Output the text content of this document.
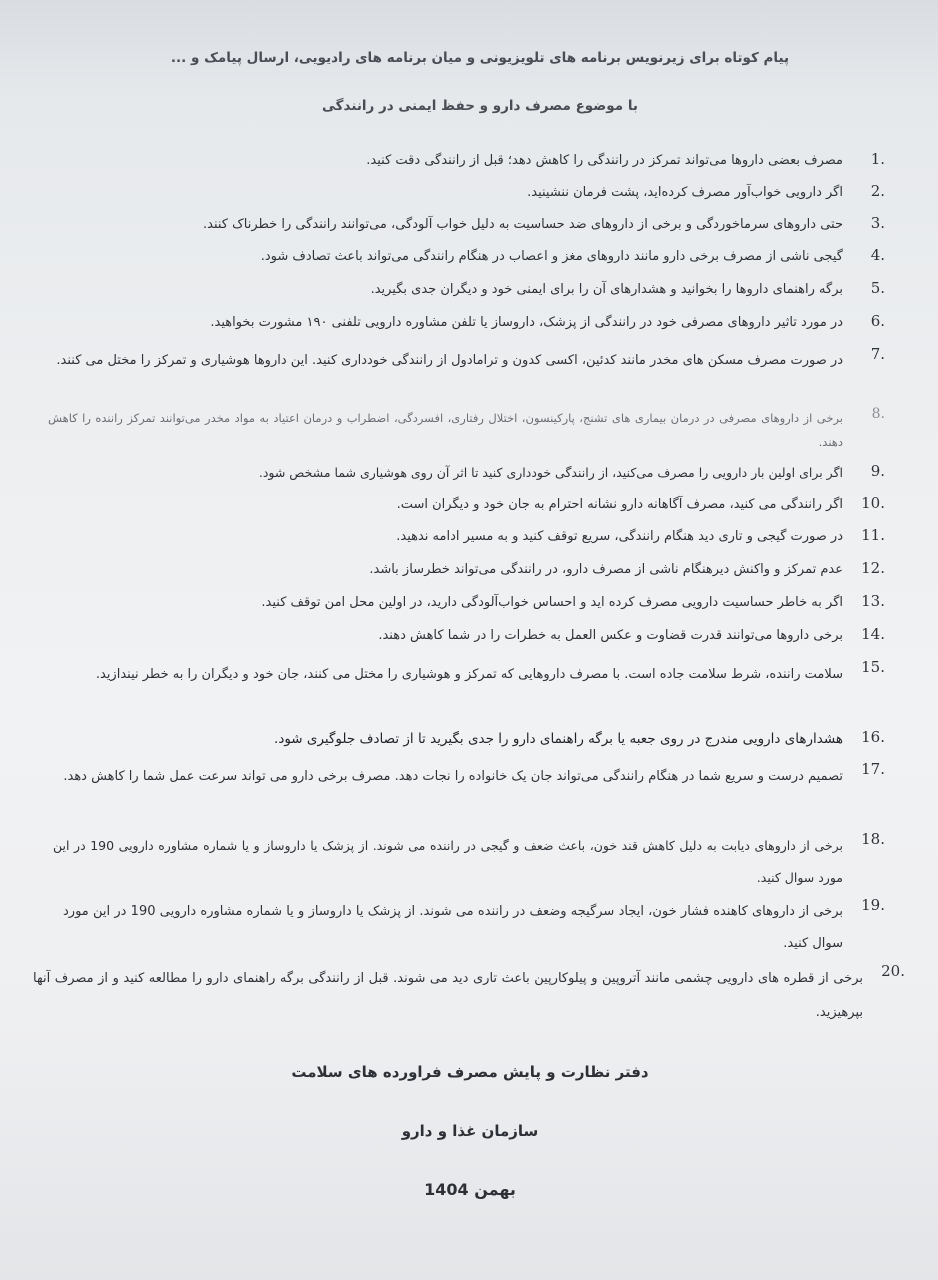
پیام کوتاه برای زیرنویس برنامه های تلویزیونی و میان برنامه های رادیویی، ارسال پیامک و ...
با موضوع مصرف دارو و حفظ ایمنی در رانندگی
1.
مصرف بعضی داروها می‌تواند تمرکز در رانندگی را کاهش دهد؛ قبل از رانندگی دقت کنید.
2.
اگر دارویی خواب‌آور مصرف کرده‌اید، پشت فرمان ننشینید.
3.
حتی داروهای سرماخوردگی و برخی از داروهای ضد حساسیت به دلیل خواب آلودگی، می‌توانند رانندگی را خطرناک کنند.
4.
گیجی ناشی از مصرف برخی دارو مانند داروهای مغز و اعصاب در هنگام رانندگی می‌تواند باعث تصادف شود.
5.
برگه راهنمای داروها را بخوانید و هشدارهای آن را برای ایمنی خود و دیگران جدی بگیرید.
6.
در مورد تاثیر داروهای مصرفی خود در رانندگی از پزشک، داروساز یا تلفن مشاوره دارویی تلفنی ۱۹۰ مشورت بخواهید.
7.
در صورت مصرف مسکن های مخدر مانند کدئین، اکسی کدون و ترامادول از رانندگی خودداری کنید. این داروها هوشیاری و تمرکز را مختل می کنند.
8.
برخی از داروهای مصرفی در درمان بیماری های تشنج، پارکینسون، اختلال رفتاری، افسردگی، اضطراب و درمان اعتیاد به مواد مخدر می‌توانند تمرکز راننده را کاهش دهند.
9.
اگر برای اولین بار دارویی را مصرف می‌کنید، از رانندگی خودداری کنید تا اثر آن روی هوشیاری شما مشخص شود.
10.
اگر رانندگی می کنید، مصرف آگاهانه دارو نشانه احترام به جان خود و دیگران است.
11.
در صورت گیجی و تاری دید هنگام رانندگی، سریع توقف کنید و به مسیر ادامه ندهید.
12.
عدم تمرکز و واکنش دیرهنگام ناشی از مصرف دارو، در رانندگی می‌تواند خطرساز باشد.
13.
اگر به خاطر حساسیت دارویی مصرف کرده اید و احساس خواب‌آلودگی دارید، در اولین محل امن توقف کنید.
14.
برخی داروها می‌توانند قدرت قضاوت و عکس العمل به خطرات را در شما کاهش دهند.
15.
سلامت راننده، شرط سلامت جاده است. با مصرف داروهایی که تمرکز و هوشیاری را مختل می کنند، جان خود و دیگران را به خطر نیندازید.
16.
هشدارهای دارویی مندرج در روی جعبه یا برگه راهنمای دارو را جدی بگیرید تا از تصادف جلوگیری شود.
17.
تصمیم درست و سریع شما در هنگام رانندگی می‌تواند جان یک خانواده را نجات دهد. مصرف برخی دارو می تواند سرعت عمل شما را کاهش دهد.
18.
برخی از داروهای دیابت به دلیل کاهش قند خون، باعث ضعف و گیجی در راننده می شوند. از پزشک یا داروساز و یا شماره مشاوره دارویی 190 در این مورد سوال کنید.
19.
برخی از داروهای کاهنده فشار خون، ایجاد سرگیجه وضعف در راننده می شوند. از پزشک یا داروساز و یا شماره مشاوره دارویی 190 در این مورد سوال کنید.
20.
برخی از قطره های دارویی چشمی مانند آتروپین و پیلوکارپین باعث تاری دید می شوند. قبل از رانندگی برگه راهنمای دارو را مطالعه کنید و از مصرف آنها بپرهیزید.
دفتر نظارت و پایش مصرف فراورده های سلامت
سازمان غذا و دارو
بهمن 1404
